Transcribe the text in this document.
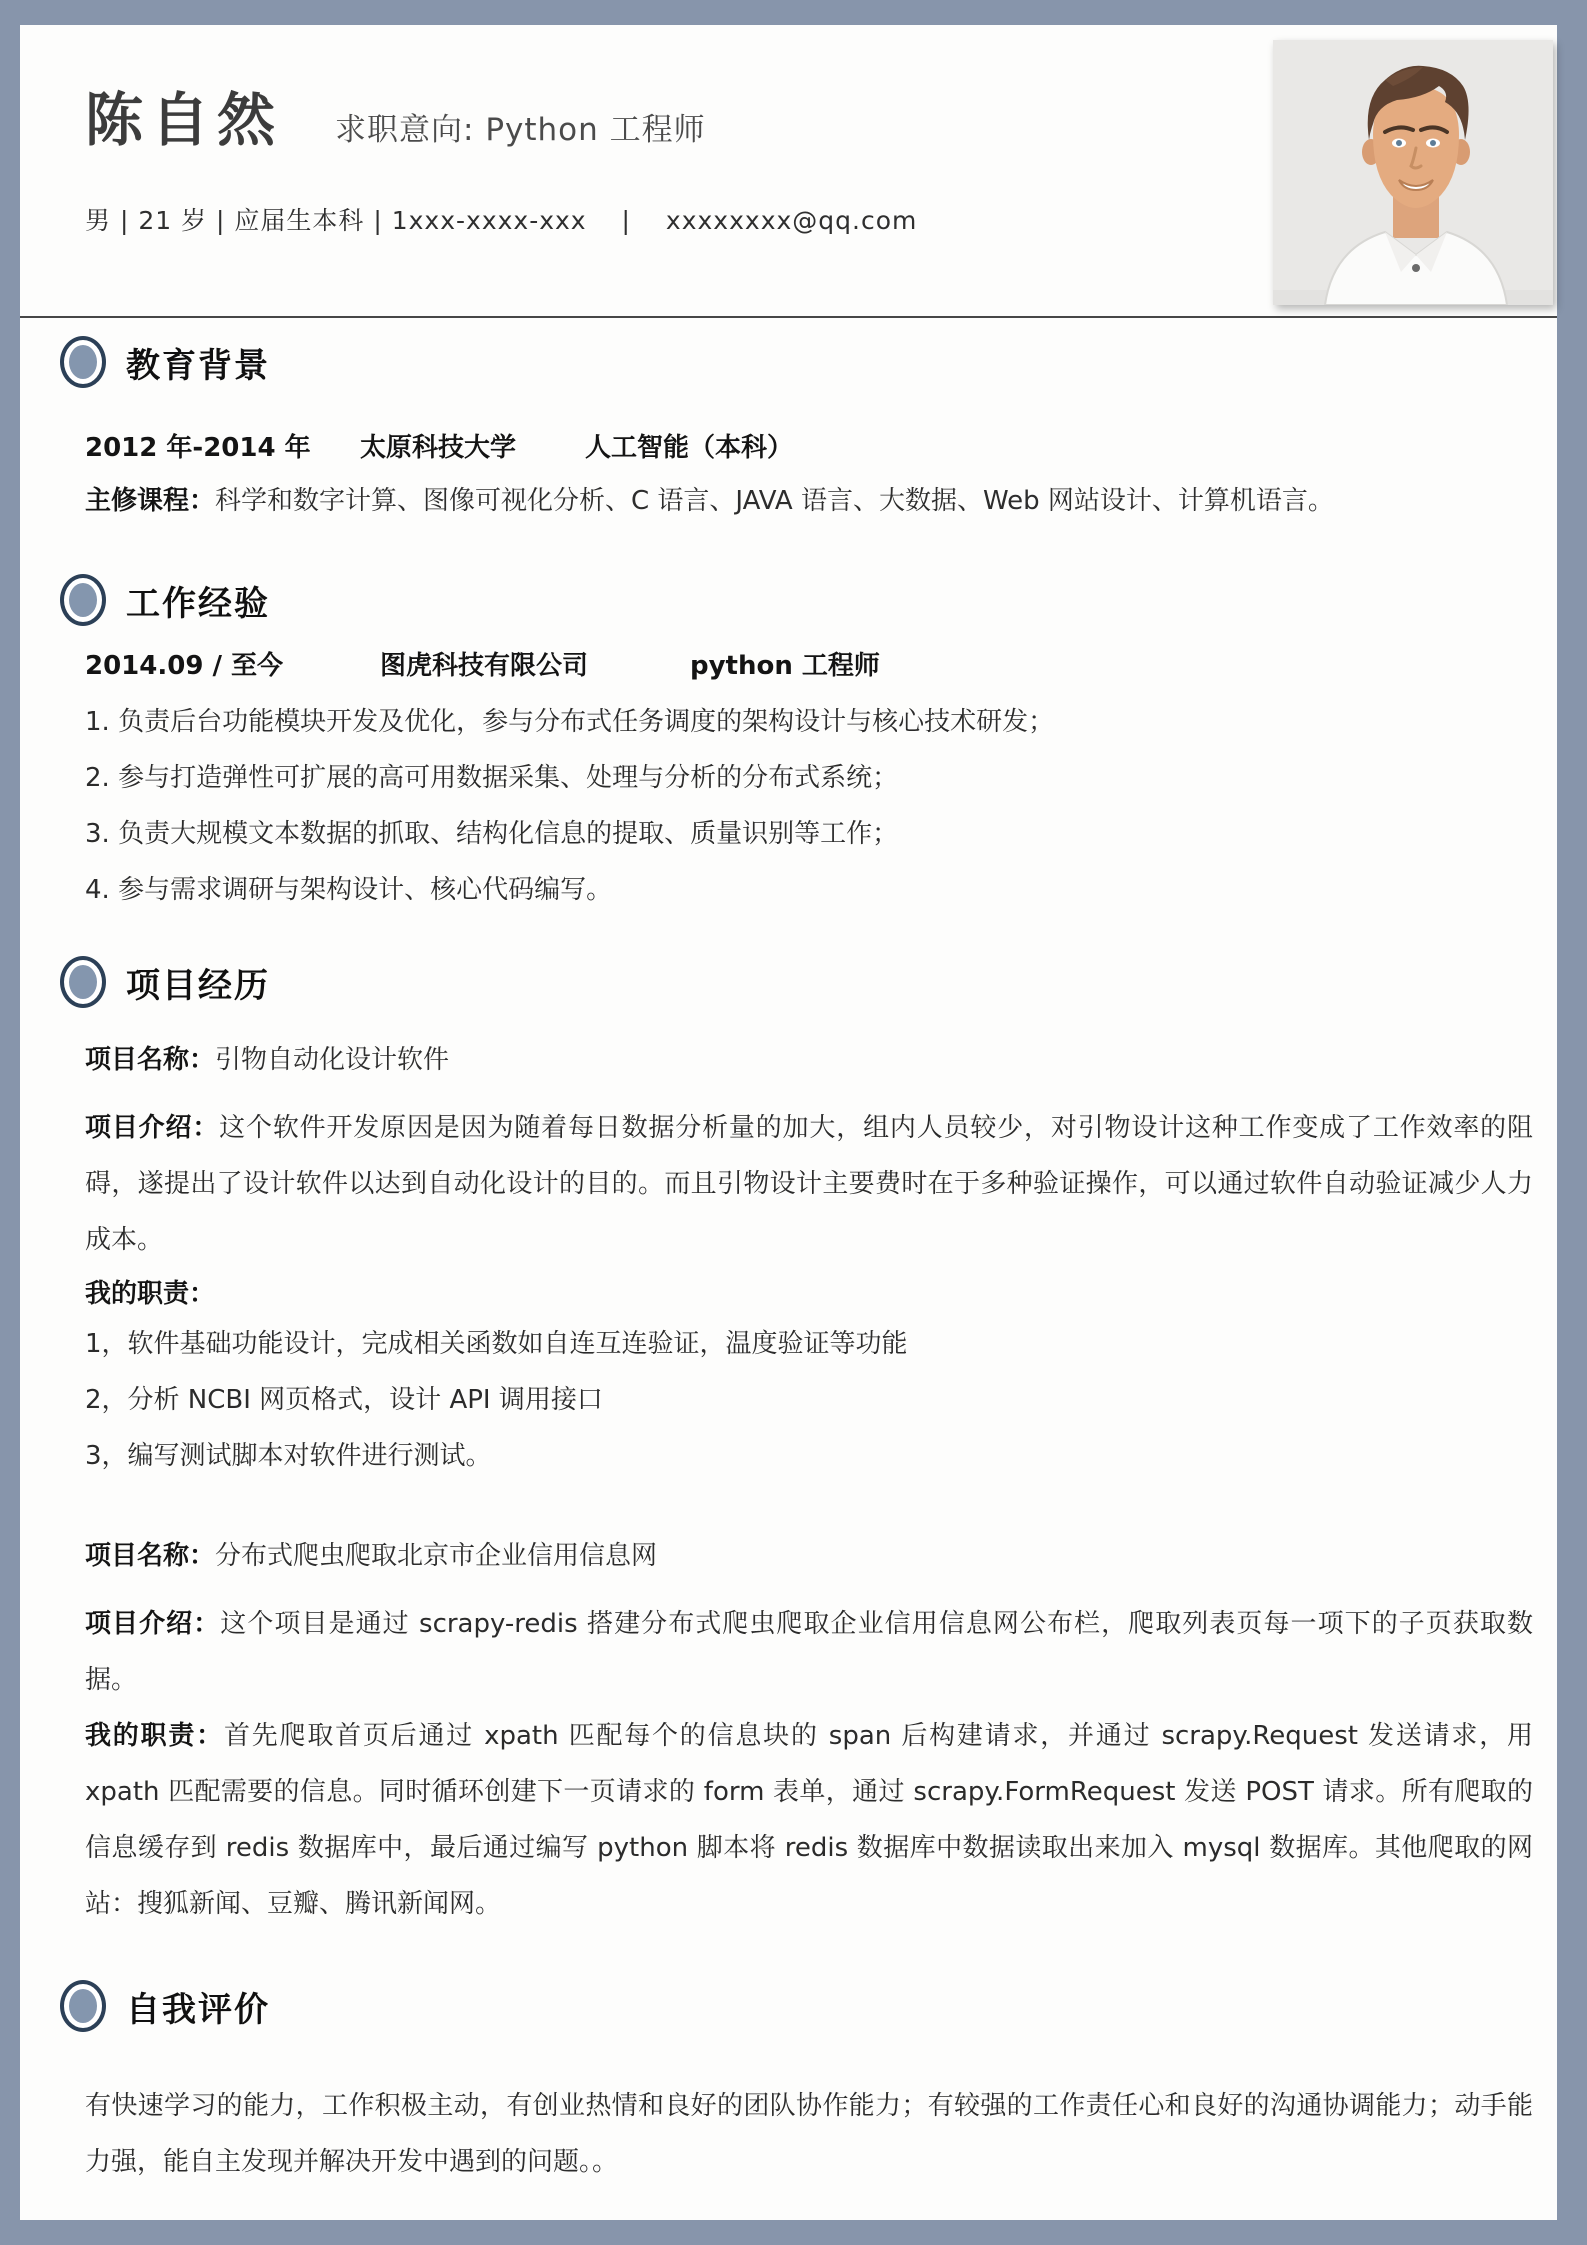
陈自然 求职意向: Python 工程师
男 | 21 岁 | 应届生本科 | 1xxx-xxxx-xxx　 | 　xxxxxxxx@qq.com
教育背景
2012 年-2014 年	太原科技大学	人工智能（本科）
主修课程：科学和数字计算、图像可视化分析、C 语言、JAVA 语言、大数据、Web 网站设计、计算机语言。
工作经验
2014.09 / 至今	图虎科技有限公司	python 工程师
1. 负责后台功能模块开发及优化，参与分布式任务调度的架构设计与核心技术研发；
2. 参与打造弹性可扩展的高可用数据采集、处理与分析的分布式系统；
3. 负责大规模文本数据的抓取、结构化信息的提取、质量识别等工作；
4. 参与需求调研与架构设计、核心代码编写。
项目经历
项目名称：引物自动化设计软件
项目介绍：这个软件开发原因是因为随着每日数据分析量的加大，组内人员较少，对引物设计这种工作变成了工作效率的阻碍，遂提出了设计软件以达到自动化设计的目的。而且引物设计主要费时在于多种验证操作，可以通过软件自动验证减少人力成本。
我的职责：
1，软件基础功能设计，完成相关函数如自连互连验证，温度验证等功能
2，分析 NCBI 网页格式，设计 API 调用接口
3，编写测试脚本对软件进行测试。
项目名称：分布式爬虫爬取北京市企业信用信息网
项目介绍：这个项目是通过 scrapy-redis 搭建分布式爬虫爬取企业信用信息网公布栏，爬取列表页每一项下的子页获取数据。
我的职责：首先爬取首页后通过 xpath 匹配每个的信息块的 span 后构建请求，并通过 scrapy.Request 发送请求，用 xpath 匹配需要的信息。同时循环创建下一页请求的 form 表单，通过 scrapy.FormRequest 发送 POST 请求。所有爬取的信息缓存到 redis 数据库中，最后通过编写 python 脚本将 redis 数据库中数据读取出来加入 mysql 数据库。其他爬取的网站：搜狐新闻、豆瓣、腾讯新闻网。
自我评价
有快速学习的能力，工作积极主动，有创业热情和良好的团队协作能力；有较强的工作责任心和良好的沟通协调能力；动手能力强，能自主发现并解决开发中遇到的问题。。
